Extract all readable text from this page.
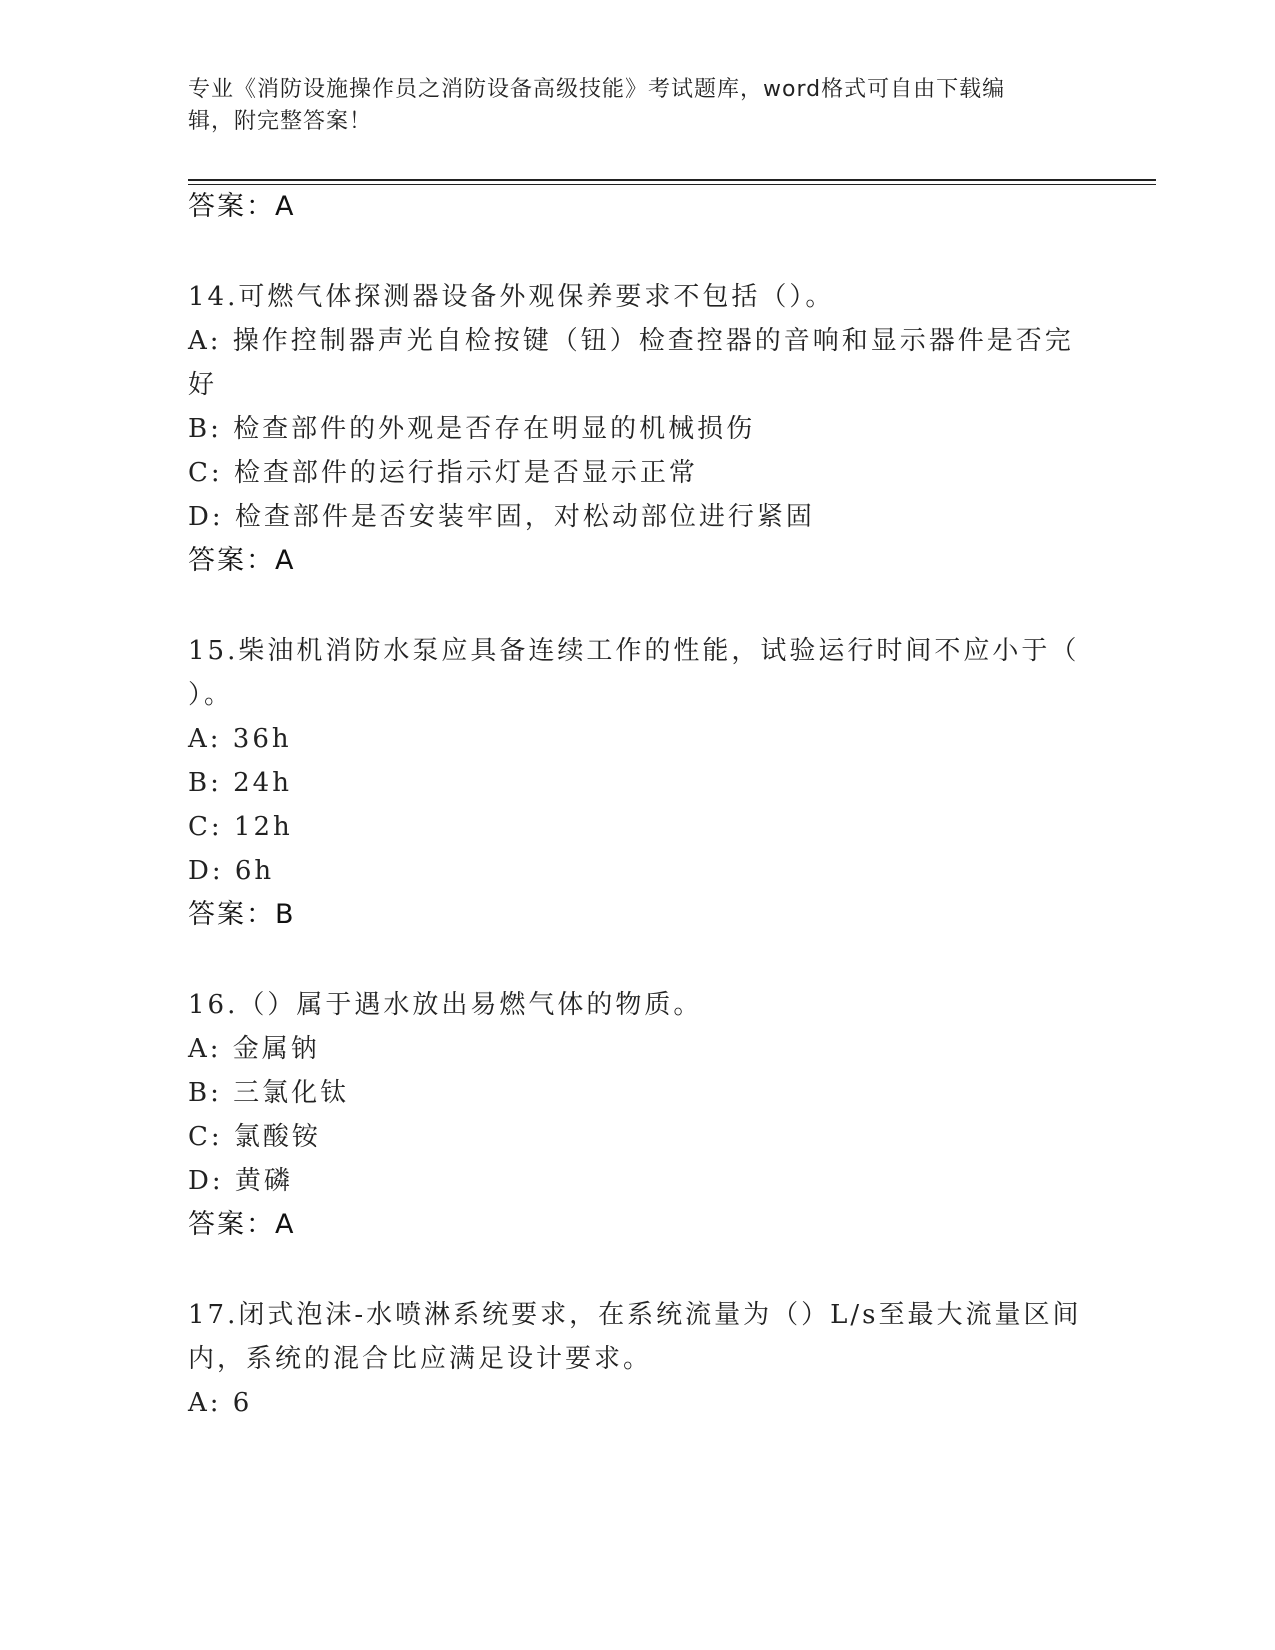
专业《消防设施操作员之消防设备高级技能》考试题库，word格式可自由下载编
辑，附完整答案！
答案：A
14.可燃气体探测器设备外观保养要求不包括（）。
A: 操作控制器声光自检按键（钮）检查控器的音响和显示器件是否完
好
B: 检查部件的外观是否存在明显的机械损伤
C: 检查部件的运行指示灯是否显示正常
D: 检查部件是否安装牢固，对松动部位进行紧固
答案：A
15.柴油机消防水泵应具备连续工作的性能，试验运行时间不应小于（
）。
A: 36h
B: 24h
C: 12h
D: 6h
答案：B
16.（）属于遇水放出易燃气体的物质。
A: 金属钠
B: 三氯化钛
C: 氯酸铵
D: 黄磷
答案：A
17.闭式泡沫-水喷淋系统要求，在系统流量为（）L/s至最大流量区间
内，系统的混合比应满足设计要求。
A: 6
